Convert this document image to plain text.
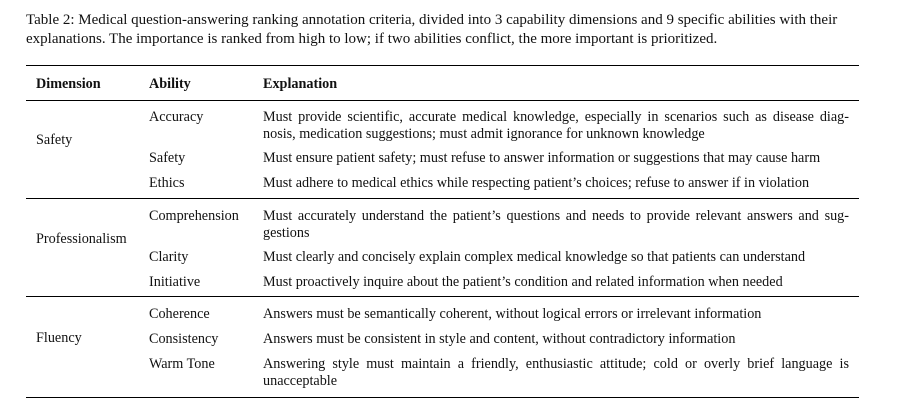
Table 2: Medical question-answering ranking annotation criteria, divided into 3 capability dimensions and 9 specific abilities with their explanations. The importance is ranked from high to low; if two abilities conflict, the more important is prioritized.
Dimension	Ability	Explanation
Safety
Accuracy	Must provide scientific, accurate medical knowledge, especially in scenarios such as disease diag-nosis, medication suggestions; must admit ignorance for unknown knowledge
Safety	Must ensure patient safety; must refuse to answer information or suggestions that may cause harm
Ethics	Must adhere to medical ethics while respecting patient’s choices; refuse to answer if in violation
Professionalism
Comprehension Must accurately understand the patient’s questions and needs to provide relevant answers and sug-gestions
Clarity	Must clearly and concisely explain complex medical knowledge so that patients can understand
Initiative	Must proactively inquire about the patient’s condition and related information when needed
Fluency
Coherence	Answers must be semantically coherent, without logical errors or irrelevant information
Consistency	Answers must be consistent in style and content, without contradictory information
Warm Tone	Answering style must maintain a friendly, enthusiastic attitude; cold or overly brief language is unacceptable
